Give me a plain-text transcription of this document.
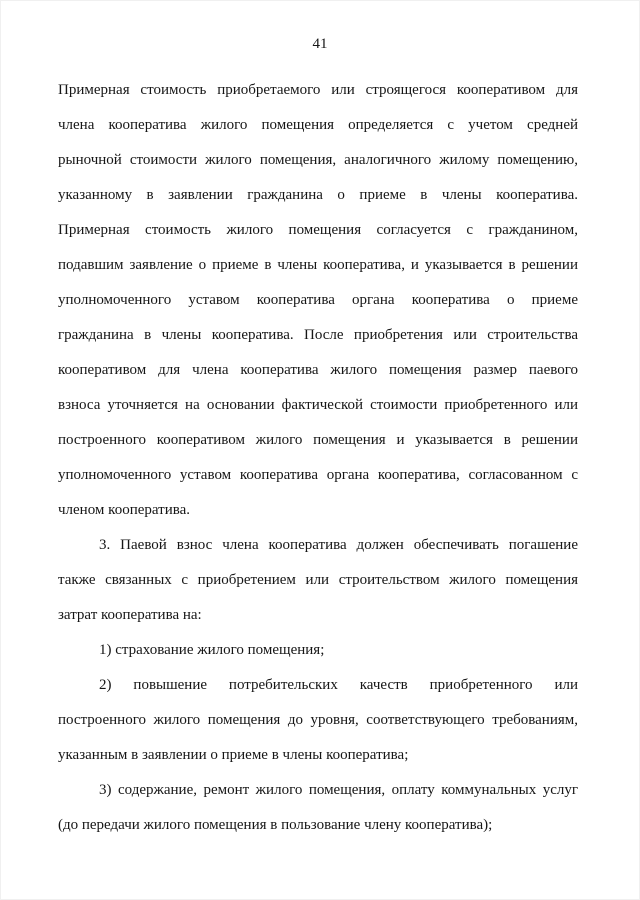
41
Примерная стоимость приобретаемого или строящегося кооперативом для
члена кооператива жилого помещения определяется с учетом средней
рыночной стоимости жилого помещения, аналогичного жилому помещению,
указанному в заявлении гражданина о приеме в члены кооператива.
Примерная стоимость жилого помещения согласуется с гражданином,
подавшим заявление о приеме в члены кооператива, и указывается в решении
уполномоченного уставом кооператива органа кооператива о приеме
гражданина в члены кооператива. После приобретения или строительства
кооперативом для члена кооператива жилого помещения размер паевого
взноса уточняется на основании фактической стоимости приобретенного или
построенного кооперативом жилого помещения и указывается в решении
уполномоченного уставом кооператива органа кооператива, согласованном с
членом кооператива.
3. Паевой взнос члена кооператива должен обеспечивать погашение
также связанных с приобретением или строительством жилого помещения
затрат кооператива на:
1) страхование жилого помещения;
2) повышение потребительских качеств приобретенного или
построенного жилого помещения до уровня, соответствующего требованиям,
указанным в заявлении о приеме в члены кооператива;
3) содержание, ремонт жилого помещения, оплату коммунальных услуг
(до передачи жилого помещения в пользование члену кооператива);
